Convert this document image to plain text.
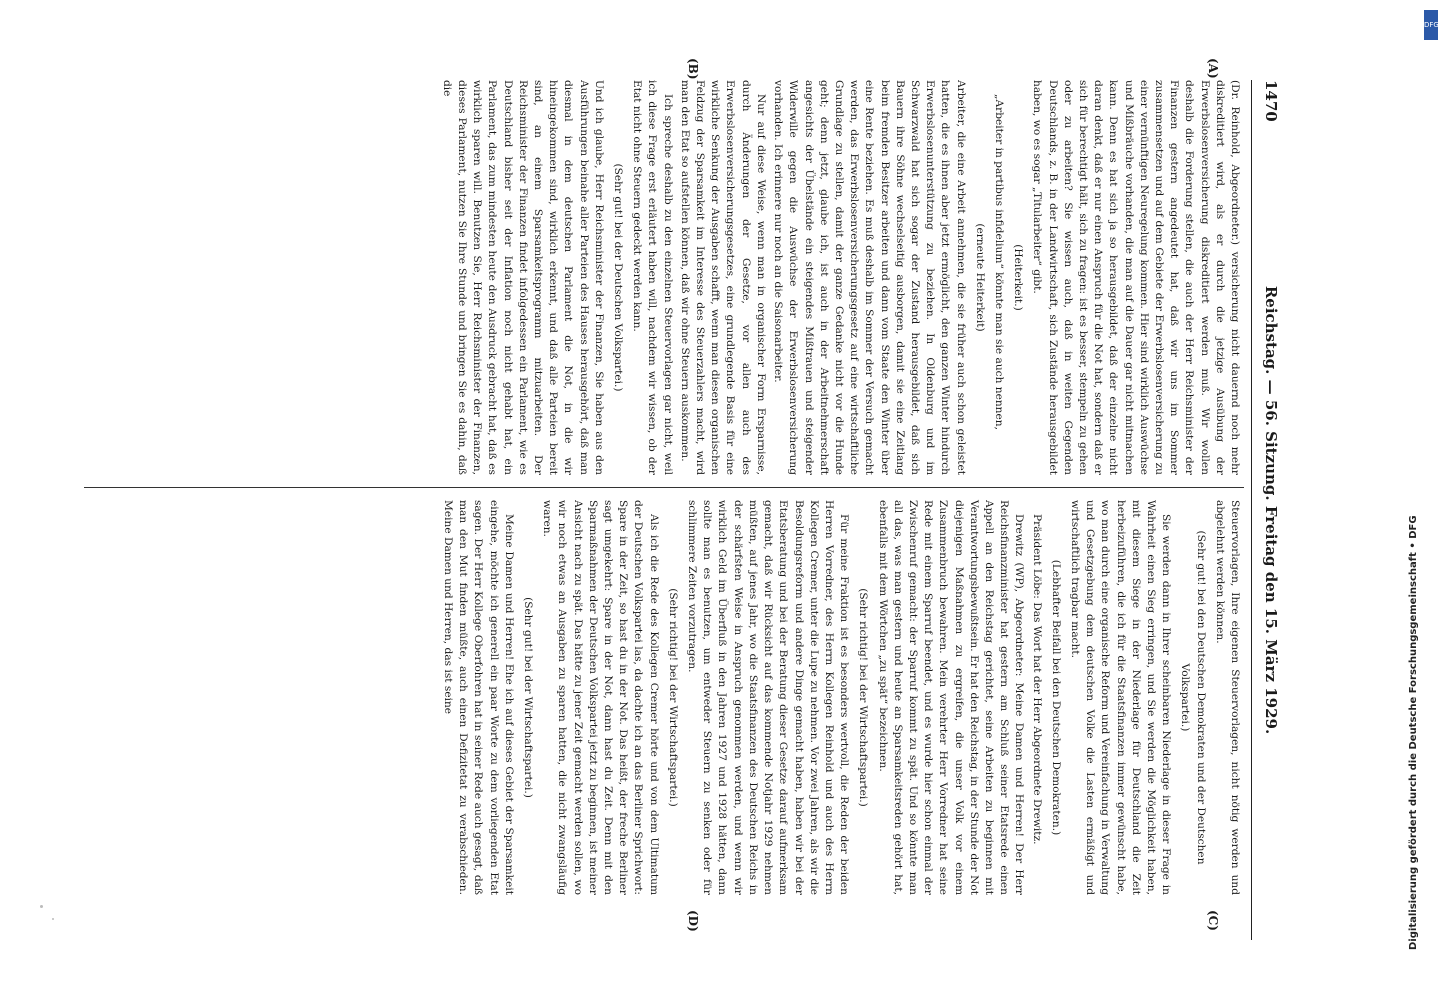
1470
Reichstag. — 56. Sitzung. Freitag den 15. März 1929.
(A)
(B)
(C)
(D)

(Dr. Reinhold, Abgeordneter.) versicherung nicht dauernd noch mehr diskreditiert wird, als er durch die jetzige Ausübung der Erwerbslosenversicherung diskreditiert werden muß. Wir wollen deshalb die Forderung stellen, die auch der Herr Reichsminister der Finanzen gestern angedeutet hat, daß wir uns im Sommer zusammensetzen und auf dem Gebiete der Erwerbslosenversicherung zu einer vernünftigen Neuregelung kommen. Hier sind wirklich Auswüchse und Mißbräuche vorhanden, die man auf die Dauer gar nicht mitmachen kann. Denn es hat sich ja so herausgebildet, daß der einzelne nicht daran denkt, daß er nur einen Anspruch für die Not hat, sondern daß er sich für berechtigt hält, sich zu fragen: ist es besser, stempeln zu gehen oder zu arbeiten? Sie wissen auch, daß in weiten Gegenden Deutschlands, z. B. in der Landwirtschaft, sich Zustände herausgebildet haben, wo es sogar „Titularbeiter“ gibt.

(Heiterkeit.)

„Arbeiter in partibus infidelium“ könnte man sie auch nennen,

(erneute Heiterkeit)

Arbeiter, die eine Arbeit annehmen, die sie früher auch schon geleistet hatten, die es ihnen aber jetzt ermöglicht, den ganzen Winter hindurch Erwerbslosenunterstützung zu beziehen. In Oldenburg und im Schwarzwald hat sich sogar der Zustand herausgebildet, daß sich Bauern ihre Söhne wechselseitig ausborgen, damit sie eine Zeitlang beim fremden Besitzer arbeiten und dann vom Staate den Winter über eine Rente beziehen. Es muß deshalb im Sommer der Versuch gemacht werden, das Erwerbslosenversicherungsgesetz auf eine wirtschaftliche Grundlage zu stellen, damit der ganze Gedanke nicht vor die Hunde geht; denn jetzt, glaube ich, ist auch in der Arbeitnehmerschaft angesichts der Übelstände ein steigendes Mißtrauen und steigender Widerwille gegen die Auswüchse der Erwerbslosenversicherung vorhanden. Ich erinnere nur noch an die Saisonarbeiter.

Nur auf diese Weise, wenn man in organischer Form Ersparnisse, durch Änderungen der Gesetze, vor allen auch des Erwerbslosenversicherungsgesetzes, eine grundlegende Basis für eine wirkliche Senkung der Ausgaben schafft, wenn man diesen organischen Feldzug der Sparsamkeit im Interesse des Steuerzahlers macht, wird man den Etat so aufstellen können, daß wir ohne Steuern auskommen.

Ich spreche deshalb zu den einzelnen Steuervorlagen gar nicht, weil ich diese Frage erst erläutert haben will, nachdem wir wissen, ob der Etat nicht ohne Steuern gedeckt werden kann.

(Sehr gut! bei der Deutschen Volkspartei.)

Und ich glaube, Herr Reichsminister der Finanzen, Sie haben aus den Ausführungen beinahe aller Parteien des Hauses herausgehört, daß man diesmal in dem deutschen Parlament die Not, in die wir hineingekommen sind, wirklich erkennt, und daß alle Parteien bereit sind, an einem Sparsamkeitsprogramm mitzuarbeiten. Der Reichsminister der Finanzen findet infolgedessen ein Parlament, wie es Deutschland bisher seit der Inflation noch nicht gehabt hat, ein Parlament, das zum mindesten heute den Ausdruck gebracht hat, daß es wirklich sparen will. Benutzen Sie, Herr Reichsminister der Finanzen, dieses Parlament, nutzen Sie Ihre Stunde und bringen Sie es dahin, daß die

Steuervorlagen, Ihre eigenen Steuervorlagen, nicht nötig werden und abgelehnt werden können.

(Sehr gut! bei den Deutschen Demokraten und der Deutschen Volkspartei.)

Sie werden dann in Ihrer scheinbaren Niederlage in dieser Frage in Wahrheit einen Sieg erringen, und Sie werden die Möglichkeit haben, mit diesem Siege in der Niederlage für Deutschland die Zeit herbeizuführen, die ich für die Staatsfinanzen immer gewünscht habe, wo man durch eine organische Reform und Vereinfachung in Verwaltung und Gesetzgebung dem deutschen Volke die Lasten ermäßigt und wirtschaftlich tragbar macht.

(Lebhafter Beifall bei den Deutschen Demokraten.)

Präsident Löbe: Das Wort hat der Herr Abgeordnete Drewitz.

Drewitz (WP), Abgeordneter: Meine Damen und Herren! Der Herr Reichsfinanzminister hat gestern am Schluß seiner Etatsrede einen Appell an den Reichstag gerichtet, seine Arbeiten zu beginnen mit Verantwortungsbewußtsein. Er hat den Reichstag, in der Stunde der Not diejenigen Maßnahmen zu ergreifen, die unser Volk vor einem Zusammenbruch bewahren. Mein verehrter Herr Vorredner hat seine Rede mit einem Sparruf beendet, und es wurde hier schon einmal der Zwischenruf gemacht: der Sparruf kommt zu spät. Und so könnte man all das, was man gestern und heute an Sparsamkeitsreden gehört hat, ebenfalls mit dem Wörtchen „zu spät“ bezeichnen.

(Sehr richtig! bei der Wirtschaftspartei.)

Für meine Fraktion ist es besonders wertvoll, die Reden der beiden Herren Vorredner, des Herrn Kollegen Reinhold und auch des Herrn Kollegen Cremer, unter die Lupe zu nehmen. Vor zwei Jahren, als wir die Besoldungsreform und andere Dinge gemacht haben, haben wir bei der Etatsberatung und bei der Beratung dieser Gesetze darauf aufmerksam gemacht, daß wir Rücksicht auf das kommende Notjahr 1929 nehmen müßten, auf jenes Jahr, wo die Staatsfinanzen des Deutschen Reichs in der schärfsten Weise in Anspruch genommen werden, und wenn wir wirklich Geld im Überfluß in den Jahren 1927 und 1928 hätten, dann sollte man es benutzen, um entweder Steuern zu senken oder für schlimmere Zeiten vorzutragen.

(Sehr richtig! bei der Wirtschaftspartei.)

Als ich die Rede des Kollegen Cremer hörte und von dem Ultimatum der Deutschen Volkspartei las, da dachte ich an das Berliner Sprichwort: Spare in der Zeit, so hast du in der Not. Das heißt, der freche Berliner sagt umgekehrt: Spare in der Not, dann hast du Zeit. Denn mit den Sparmaßnahmen der Deutschen Volkspartei jetzt zu beginnen, ist meiner Ansicht nach zu spät. Das hätte zu jener Zeit gemacht werden sollen, wo wir noch etwas an Ausgaben zu sparen hatten, die nicht zwangsläufig waren.

(Sehr gut! bei der Wirtschaftspartei.)

Meine Damen und Herren! Ehe ich auf dieses Gebiet der Sparsamkeit eingehe, möchte ich generell ein paar Worte zu dem vorliegenden Etat sagen. Der Herr Kollege Oberfohren hat in seiner Rede auch gesagt, daß man den Mut finden müßte, auch einen Defizitetat zu verabschieden. Meine Damen und Herren, das ist seine

DFG
Digitalisierung gefördert durch die Deutsche Forschungsgemeinschaft • DFG
